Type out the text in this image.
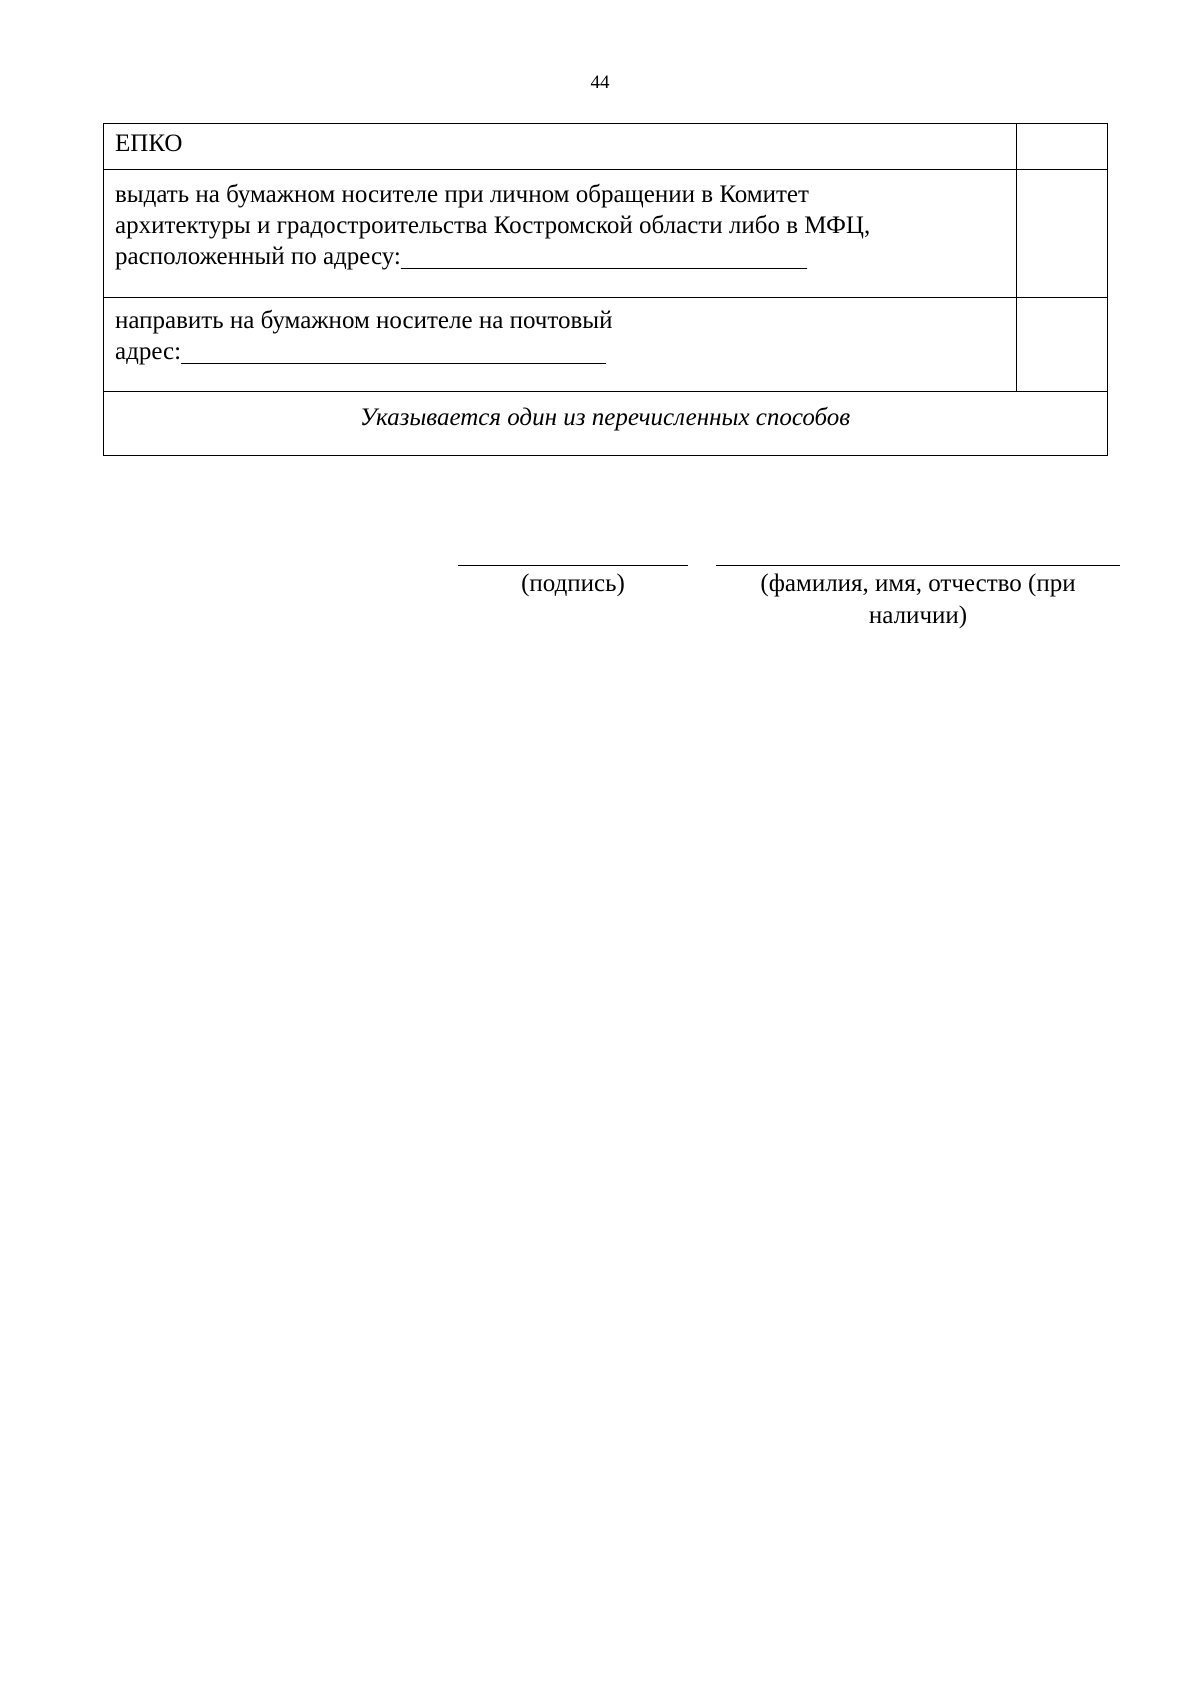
44
ЕПКО	
выдать на бумажном носителе при личном обращении в Комитет
архитектуры и градостроительства Костромской области либо в МФЦ,
расположенный по адресу:	
направить на бумажном носителе на почтовый
адрес:	
Указывается один из перечисленных способов	
(подпись)	(фамилия, имя, отчество (при наличии)
